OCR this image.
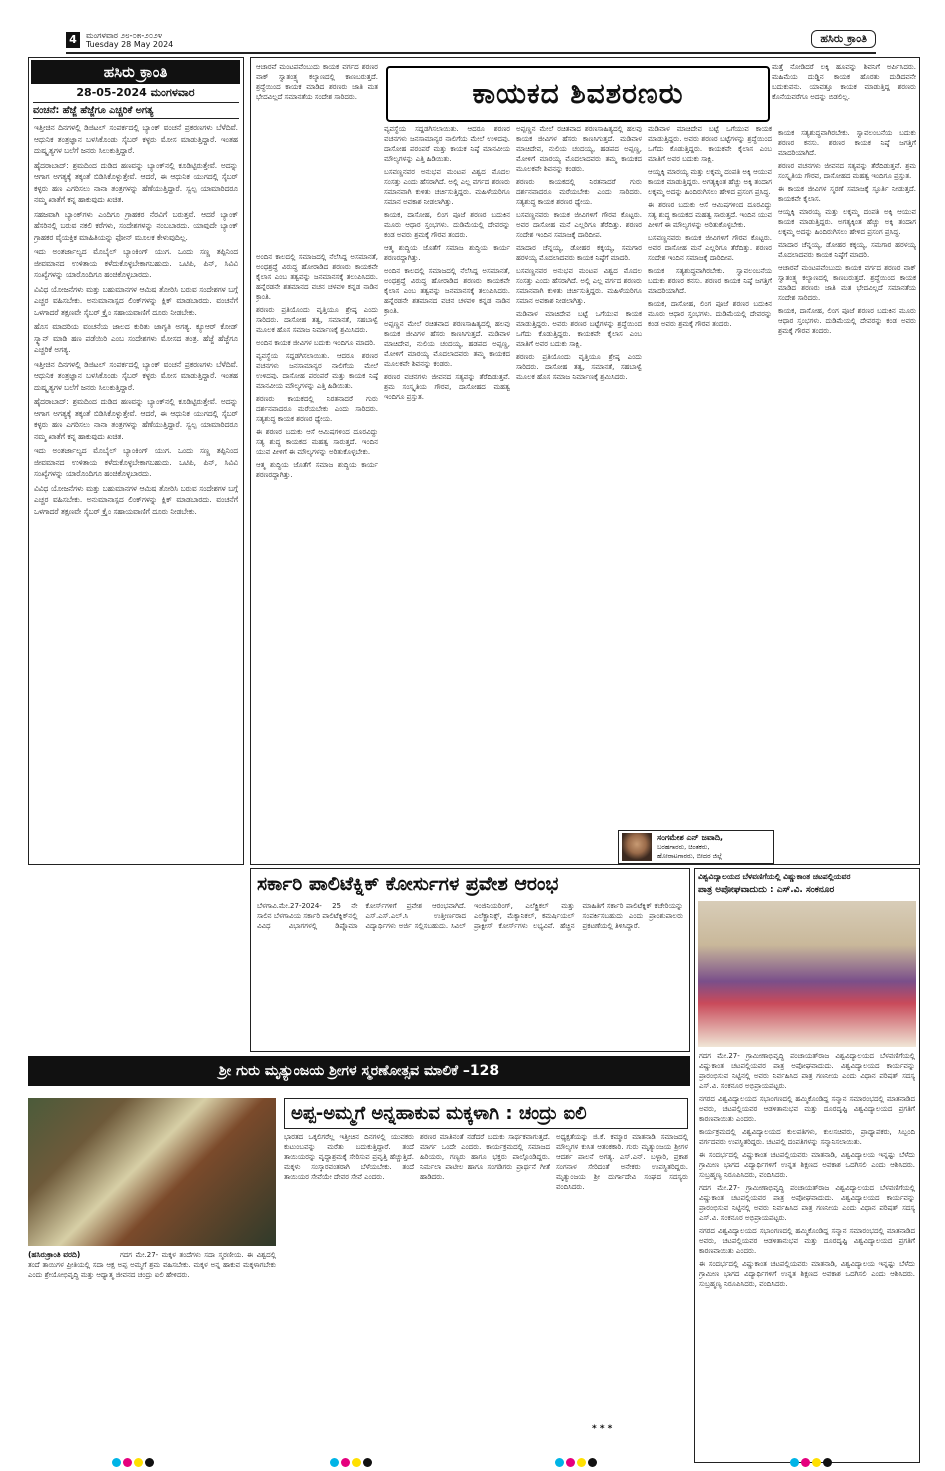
4	ಮಂಗಳವಾರ ೨೮-೦೫-೨೦೨೪
Tuesday 28 May 2024	ಹಸಿರು ಕ್ರಾಂತಿ
ಹಸಿರು ಕ್ರಾಂತಿ
28-05-2024 ಮಂಗಳವಾರ
ವಂಚನೆ: ಹೆಜ್ಜೆ ಹೆಜ್ಜೆಗೂ ಎಚ್ಚರಿಕೆ ಅಗತ್ಯ

ಇತ್ತೀಚಿನ ದಿನಗಳಲ್ಲಿ ಡಿಜಿಟಲ್ ಸಂಪರ್ಕದಲ್ಲಿ ಬ್ಯಾಂಕ್ ವಂಚನೆ ಪ್ರಕರಣಗಳು ಬೆಳೆದಿವೆ. ಆಧುನಿಕ ತಂತ್ರಜ್ಞಾನ ಬಳಸಿಕೊಂಡು ಸೈಬರ್ ಕಳ್ಳರು ಮೋಸ ಮಾಡುತ್ತಿದ್ದಾರೆ. ಇಂತಹ ದುಷ್ಕೃತ್ಯಗಳ ಬಲೆಗೆ ಜನರು ಸಿಲುಕುತ್ತಿದ್ದಾರೆ.

ಹೈದರಾಬಾದ್: ಶ್ರಮದಿಂದ ದುಡಿದ ಹಣವನ್ನು ಬ್ಯಾಂಕ್‌ನಲ್ಲಿ ಕೂಡಿಟ್ಟಿರುತ್ತೇವೆ. ಅದನ್ನು ಆಗಾಗ ಅಗತ್ಯಕ್ಕೆ ತಕ್ಕಂತೆ ಬಿಡಿಸಿಕೊಳ್ಳುತ್ತೇವೆ. ಆದರೆ, ಈ ಆಧುನಿಕ ಯುಗದಲ್ಲಿ ಸೈಬರ್ ಕಳ್ಳರು ಹಣ ಎಗರಿಸಲು ನಾನಾ ತಂತ್ರಗಳನ್ನು ಹೆಣೆಯುತ್ತಿದ್ದಾರೆ. ಸ್ವಲ್ಪ ಯಾಮಾರಿದರೂ ನಮ್ಮ ಖಾತೆಗೆ ಕನ್ನ ಹಾಕುವುದು ಖಚಿತ.

ಸಹಜವಾಗಿ ಬ್ಯಾಂಕ್‌ಗಳು ಎಂದಿಗೂ ಗ್ರಾಹಕರ ನೆರವಿಗೆ ಬರುತ್ತವೆ. ಆದರೆ ಬ್ಯಾಂಕ್ ಹೆಸರಿನಲ್ಲಿ ಬರುವ ನಕಲಿ ಕರೆಗಳು, ಸಂದೇಶಗಳನ್ನು ನಂಬಬಾರದು. ಯಾವುದೇ ಬ್ಯಾಂಕ್ ಗ್ರಾಹಕರ ವೈಯಕ್ತಿಕ ಮಾಹಿತಿಯನ್ನು ಫೋನ್ ಮೂಲಕ ಕೇಳುವುದಿಲ್ಲ.

ಇದು ಅಂತರ್ಜಾಲ್ಯದ ಮೊಬೈಲ್ ಬ್ಯಾಂಕಿಂಗ್ ಯುಗ. ಒಂದು ಸಣ್ಣ ತಪ್ಪಿನಿಂದ ಜೀವಮಾನದ ಉಳಿತಾಯ ಕಳೆದುಕೊಳ್ಳಬೇಕಾಗಬಹುದು. ಒಟಿಪಿ, ಪಿನ್, ಸಿವಿವಿ ಸಂಖ್ಯೆಗಳನ್ನು ಯಾರೊಂದಿಗೂ ಹಂಚಿಕೊಳ್ಳಬಾರದು.

ವಿವಿಧ ಯೋಜನೆಗಳು ಮತ್ತು ಬಹುಮಾನಗಳ ಆಮಿಷ ತೋರಿಸಿ ಬರುವ ಸಂದೇಶಗಳ ಬಗ್ಗೆ ಎಚ್ಚರ ವಹಿಸಬೇಕು. ಅನುಮಾನಾಸ್ಪದ ಲಿಂಕ್‌ಗಳನ್ನು ಕ್ಲಿಕ್ ಮಾಡಬಾರದು. ವಂಚನೆಗೆ ಒಳಗಾದರೆ ತಕ್ಷಣವೇ ಸೈಬರ್ ಕ್ರೈಂ ಸಹಾಯವಾಣಿಗೆ ದೂರು ನೀಡಬೇಕು.

ಹೊಸ ಮಾದರಿಯ ವಂಚನೆಯ ಜಾಲದ ಕುರಿತು ಜಾಗೃತಿ ಅಗತ್ಯ. ಕ್ಯೂಆರ್ ಕೋಡ್ ಸ್ಕ್ಯಾನ್ ಮಾಡಿ ಹಣ ಪಡೆಯಿರಿ ಎಂಬ ಸಂದೇಶಗಳು ಮೋಸದ ತಂತ್ರ. ಹೆಜ್ಜೆ ಹೆಜ್ಜೆಗೂ ಎಚ್ಚರಿಕೆ ಅಗತ್ಯ.

ಇತ್ತೀಚಿನ ದಿನಗಳಲ್ಲಿ ಡಿಜಿಟಲ್ ಸಂಪರ್ಕದಲ್ಲಿ ಬ್ಯಾಂಕ್ ವಂಚನೆ ಪ್ರಕರಣಗಳು ಬೆಳೆದಿವೆ. ಆಧುನಿಕ ತಂತ್ರಜ್ಞಾನ ಬಳಸಿಕೊಂಡು ಸೈಬರ್ ಕಳ್ಳರು ಮೋಸ ಮಾಡುತ್ತಿದ್ದಾರೆ. ಇಂತಹ ದುಷ್ಕೃತ್ಯಗಳ ಬಲೆಗೆ ಜನರು ಸಿಲುಕುತ್ತಿದ್ದಾರೆ.

ಹೈದರಾಬಾದ್: ಶ್ರಮದಿಂದ ದುಡಿದ ಹಣವನ್ನು ಬ್ಯಾಂಕ್‌ನಲ್ಲಿ ಕೂಡಿಟ್ಟಿರುತ್ತೇವೆ. ಅದನ್ನು ಆಗಾಗ ಅಗತ್ಯಕ್ಕೆ ತಕ್ಕಂತೆ ಬಿಡಿಸಿಕೊಳ್ಳುತ್ತೇವೆ. ಆದರೆ, ಈ ಆಧುನಿಕ ಯುಗದಲ್ಲಿ ಸೈಬರ್ ಕಳ್ಳರು ಹಣ ಎಗರಿಸಲು ನಾನಾ ತಂತ್ರಗಳನ್ನು ಹೆಣೆಯುತ್ತಿದ್ದಾರೆ. ಸ್ವಲ್ಪ ಯಾಮಾರಿದರೂ ನಮ್ಮ ಖಾತೆಗೆ ಕನ್ನ ಹಾಕುವುದು ಖಚಿತ.

ಇದು ಅಂತರ್ಜಾಲ್ಯದ ಮೊಬೈಲ್ ಬ್ಯಾಂಕಿಂಗ್ ಯುಗ. ಒಂದು ಸಣ್ಣ ತಪ್ಪಿನಿಂದ ಜೀವಮಾನದ ಉಳಿತಾಯ ಕಳೆದುಕೊಳ್ಳಬೇಕಾಗಬಹುದು. ಒಟಿಪಿ, ಪಿನ್, ಸಿವಿವಿ ಸಂಖ್ಯೆಗಳನ್ನು ಯಾರೊಂದಿಗೂ ಹಂಚಿಕೊಳ್ಳಬಾರದು.

ವಿವಿಧ ಯೋಜನೆಗಳು ಮತ್ತು ಬಹುಮಾನಗಳ ಆಮಿಷ ತೋರಿಸಿ ಬರುವ ಸಂದೇಶಗಳ ಬಗ್ಗೆ ಎಚ್ಚರ ವಹಿಸಬೇಕು. ಅನುಮಾನಾಸ್ಪದ ಲಿಂಕ್‌ಗಳನ್ನು ಕ್ಲಿಕ್ ಮಾಡಬಾರದು. ವಂಚನೆಗೆ ಒಳಗಾದರೆ ತಕ್ಷಣವೇ ಸೈಬರ್ ಕ್ರೈಂ ಸಹಾಯವಾಣಿಗೆ ದೂರು ನೀಡಬೇಕು.

ಆಚಾರವೆ ಮಂಟಪವೆಂಬುದು ಕಾಯಕ ವರ್ಗದ ಶರಣರ ವಾಕ್ ಸ್ವಾತಂತ್ರ್ಯ ಕಲ್ಯಾಣದಲ್ಲಿ ಕಾಣಬರುತ್ತದೆ. ಶ್ರದ್ಧೆಯಿಂದ ಕಾಯಕ ಮಾಡಿದ ಶರಣರು ಜಾತಿ ಮತ ಭೇದವಿಲ್ಲದೆ ಸಮಾನತೆಯ ಸಂದೇಶ ಸಾರಿದರು.	ಕಾಯಕದ ಶಿವಶರಣರು

ಮತ್ತೆ ನೋಡಿದರೆ ಲಕ್ಕಿ ಹೂವನ್ನು ಶಿವನಿಗೆ ಅರ್ಪಿಸಿದರು. ಮಹಿಮೆಯ ದುಡ್ಡಿನ ಕಾಯಕ ಹೊರತು ದುಡಿದವನೇ ಬದುಕುವನು. ಯಾವತ್ತೂ ಕಾಯಕ ಮಾಡುತ್ತಿದ್ದ ಶರಣರು ಕೊನೆಯವರೆಗೂ ಅದನ್ನು ಬಿಡಲಿಲ್ಲ.

ಅಂದಿನ ಕಾಲದಲ್ಲಿ ಸಮಾಜದಲ್ಲಿ ನೆಲೆಸಿದ್ದ ಅಸಮಾನತೆ, ಅಂಧಶ್ರದ್ಧೆ ವಿರುದ್ಧ ಹೋರಾಡಿದ ಶರಣರು ಕಾಯಕವೇ ಕೈಲಾಸ ಎಂಬ ತತ್ವವನ್ನು ಜನಮಾನಸಕ್ಕೆ ತಲುಪಿಸಿದರು. ಹನ್ನೆರಡನೇ ಶತಮಾನದ ವಚನ ಚಳವಳಿ ಕನ್ನಡ ನಾಡಿನ ಕ್ರಾಂತಿ.

ಶರಣರು ಪ್ರತಿಯೊಂದು ವೃತ್ತಿಯೂ ಶ್ರೇಷ್ಠ ಎಂದು ಸಾರಿದರು. ದಾಸೋಹ ತತ್ವ, ಸಮಾನತೆ, ಸಹಬಾಳ್ವೆ ಮೂಲಕ ಹೊಸ ಸಮಾಜ ನಿರ್ಮಾಣಕ್ಕೆ ಶ್ರಮಿಸಿದರು.

ಅಂದಿನ ಕಾಯಕ ಜೀವಿಗಳ ಬದುಕು ಇಂದಿಗೂ ಮಾದರಿ.

ವ್ಯವಸ್ಥೆಯ ಸದ್ದಡಗಿಸಲಾಯಿತು. ಆದರೂ ಶರಣರ ವಚನಗಳು ಜನಸಾಮಾನ್ಯರ ನಾಲಿಗೆಯ ಮೇಲೆ ಉಳಿದವು. ದಾಸೋಹ ಪರಂಪರೆ ಮತ್ತು ಕಾಯಕ ನಿಷ್ಠೆ ಮಾನವೀಯ ಮೌಲ್ಯಗಳನ್ನು ಎತ್ತಿ ಹಿಡಿಯಿತು.

ಶರಣರು ಕಾಯಕದಲ್ಲಿ ನಿರತನಾದರೆ ಗುರು ದರ್ಶನವಾದರೂ ಮರೆಯಬೇಕು ಎಂದು ಸಾರಿದರು. ಸತ್ಯಶುದ್ಧ ಕಾಯಕ ಶರಣರ ಧ್ಯೇಯ.

ಈ ಶರಣರ ಬದುಕು ಆಸೆ ಆಮಿಷಗಳಿಂದ ದೂರವಿದ್ದು ಸತ್ಯ ಶುದ್ಧ ಕಾಯಕದ ಮಹತ್ವ ಸಾರುತ್ತದೆ. ಇಂದಿನ ಯುವ ಪೀಳಿಗೆ ಈ ಮೌಲ್ಯಗಳನ್ನು ಅರಿತುಕೊಳ್ಳಬೇಕು.

ಆತ್ಮ ಶುದ್ಧಿಯ ಜೊತೆಗೆ ಸಮಾಜ ಶುದ್ಧಿಯ ಕಾರ್ಯ ಶರಣರದ್ದಾಗಿತ್ತು.

ವ್ಯವಸ್ಥೆಯ ಸದ್ದಡಗಿಸಲಾಯಿತು. ಆದರೂ ಶರಣರ ವಚನಗಳು ಜನಸಾಮಾನ್ಯರ ನಾಲಿಗೆಯ ಮೇಲೆ ಉಳಿದವು. ದಾಸೋಹ ಪರಂಪರೆ ಮತ್ತು ಕಾಯಕ ನಿಷ್ಠೆ ಮಾನವೀಯ ಮೌಲ್ಯಗಳನ್ನು ಎತ್ತಿ ಹಿಡಿಯಿತು.

ಬಸವಣ್ಣನವರ ಅನುಭವ ಮಂಟಪ ವಿಶ್ವದ ಮೊದಲ ಸಂಸತ್ತು ಎಂದು ಹೆಸರಾಗಿದೆ. ಅಲ್ಲಿ ಎಲ್ಲ ವರ್ಗದ ಶರಣರು ಸಮಾನವಾಗಿ ಕುಳಿತು ಚರ್ಚಿಸುತ್ತಿದ್ದರು. ಮಹಿಳೆಯರಿಗೂ ಸಮಾನ ಅವಕಾಶ ನೀಡಲಾಗಿತ್ತು.

ಕಾಯಕ, ದಾಸೋಹ, ಲಿಂಗ ಪೂಜೆ ಶರಣರ ಬದುಕಿನ ಮೂರು ಆಧಾರ ಸ್ತಂಭಗಳು. ದುಡಿಮೆಯಲ್ಲಿ ದೇವರನ್ನು ಕಂಡ ಅವರು ಶ್ರಮಕ್ಕೆ ಗೌರವ ತಂದರು.

ಆತ್ಮ ಶುದ್ಧಿಯ ಜೊತೆಗೆ ಸಮಾಜ ಶುದ್ಧಿಯ ಕಾರ್ಯ ಶರಣರದ್ದಾಗಿತ್ತು.

ಅಂದಿನ ಕಾಲದಲ್ಲಿ ಸಮಾಜದಲ್ಲಿ ನೆಲೆಸಿದ್ದ ಅಸಮಾನತೆ, ಅಂಧಶ್ರದ್ಧೆ ವಿರುದ್ಧ ಹೋರಾಡಿದ ಶರಣರು ಕಾಯಕವೇ ಕೈಲಾಸ ಎಂಬ ತತ್ವವನ್ನು ಜನಮಾನಸಕ್ಕೆ ತಲುಪಿಸಿದರು. ಹನ್ನೆರಡನೇ ಶತಮಾನದ ವಚನ ಚಳವಳಿ ಕನ್ನಡ ನಾಡಿನ ಕ್ರಾಂತಿ.

ಅಪ್ಪಣ್ಣನ ಮೇಲೆ ರಚಿತವಾದ ಶರಣಸಾಹಿತ್ಯದಲ್ಲಿ ಹಲವು ಕಾಯಕ ಜೀವಿಗಳ ಹೆಸರು ಕಾಣಸಿಗುತ್ತದೆ. ಮಡಿವಾಳ ಮಾಚಿದೇವ, ನುಲಿಯ ಚಂದಯ್ಯ, ಹಡಪದ ಅಪ್ಪಣ್ಣ, ಮೋಳಿಗೆ ಮಾರಯ್ಯ ಮೊದಲಾದವರು ತಮ್ಮ ಕಾಯಕದ ಮೂಲಕವೇ ಶಿವನನ್ನು ಕಂಡರು.

ಶರಣರ ವಚನಗಳು ಜೀವನದ ಸತ್ಯವನ್ನು ತೆರೆದಿಡುತ್ತವೆ. ಶ್ರಮ ಸಂಸ್ಕೃತಿಯ ಗೌರವ, ದಾಸೋಹದ ಮಹತ್ವ ಇಂದಿಗೂ ಪ್ರಸ್ತುತ.

ಅಪ್ಪಣ್ಣನ ಮೇಲೆ ರಚಿತವಾದ ಶರಣಸಾಹಿತ್ಯದಲ್ಲಿ ಹಲವು ಕಾಯಕ ಜೀವಿಗಳ ಹೆಸರು ಕಾಣಸಿಗುತ್ತದೆ. ಮಡಿವಾಳ ಮಾಚಿದೇವ, ನುಲಿಯ ಚಂದಯ್ಯ, ಹಡಪದ ಅಪ್ಪಣ್ಣ, ಮೋಳಿಗೆ ಮಾರಯ್ಯ ಮೊದಲಾದವರು ತಮ್ಮ ಕಾಯಕದ ಮೂಲಕವೇ ಶಿವನನ್ನು ಕಂಡರು.

ಶರಣರು ಕಾಯಕದಲ್ಲಿ ನಿರತನಾದರೆ ಗುರು ದರ್ಶನವಾದರೂ ಮರೆಯಬೇಕು ಎಂದು ಸಾರಿದರು. ಸತ್ಯಶುದ್ಧ ಕಾಯಕ ಶರಣರ ಧ್ಯೇಯ.

ಬಸವಣ್ಣನವರು ಕಾಯಕ ಜೀವಿಗಳಿಗೆ ಗೌರವ ಕೊಟ್ಟರು. ಅವರ ದಾಸೋಹ ಮನೆ ಎಲ್ಲರಿಗೂ ತೆರೆದಿತ್ತು. ಶರಣರ ಸಂದೇಶ ಇಂದಿನ ಸಮಾಜಕ್ಕೆ ದಾರಿದೀಪ.

ಮಾದಾರ ಚೆನ್ನಯ್ಯ, ಡೋಹರ ಕಕ್ಕಯ್ಯ, ಸಮಗಾರ ಹರಳಯ್ಯ ಮೊದಲಾದವರು ಕಾಯಕ ನಿಷ್ಠೆಗೆ ಮಾದರಿ.

ಬಸವಣ್ಣನವರ ಅನುಭವ ಮಂಟಪ ವಿಶ್ವದ ಮೊದಲ ಸಂಸತ್ತು ಎಂದು ಹೆಸರಾಗಿದೆ. ಅಲ್ಲಿ ಎಲ್ಲ ವರ್ಗದ ಶರಣರು ಸಮಾನವಾಗಿ ಕುಳಿತು ಚರ್ಚಿಸುತ್ತಿದ್ದರು. ಮಹಿಳೆಯರಿಗೂ ಸಮಾನ ಅವಕಾಶ ನೀಡಲಾಗಿತ್ತು.

ಮಡಿವಾಳ ಮಾಚಿದೇವ ಬಟ್ಟೆ ಒಗೆಯುವ ಕಾಯಕ ಮಾಡುತ್ತಿದ್ದರು. ಅವರು ಶರಣರ ಬಟ್ಟೆಗಳನ್ನು ಶ್ರದ್ಧೆಯಿಂದ ಒಗೆದು ಕೊಡುತ್ತಿದ್ದರು. ಕಾಯಕವೇ ಕೈಲಾಸ ಎಂಬ ಮಾತಿಗೆ ಅವರ ಬದುಕು ಸಾಕ್ಷಿ.

ಶರಣರು ಪ್ರತಿಯೊಂದು ವೃತ್ತಿಯೂ ಶ್ರೇಷ್ಠ ಎಂದು ಸಾರಿದರು. ದಾಸೋಹ ತತ್ವ, ಸಮಾನತೆ, ಸಹಬಾಳ್ವೆ ಮೂಲಕ ಹೊಸ ಸಮಾಜ ನಿರ್ಮಾಣಕ್ಕೆ ಶ್ರಮಿಸಿದರು.

ಮಡಿವಾಳ ಮಾಚಿದೇವ ಬಟ್ಟೆ ಒಗೆಯುವ ಕಾಯಕ ಮಾಡುತ್ತಿದ್ದರು. ಅವರು ಶರಣರ ಬಟ್ಟೆಗಳನ್ನು ಶ್ರದ್ಧೆಯಿಂದ ಒಗೆದು ಕೊಡುತ್ತಿದ್ದರು. ಕಾಯಕವೇ ಕೈಲಾಸ ಎಂಬ ಮಾತಿಗೆ ಅವರ ಬದುಕು ಸಾಕ್ಷಿ.

ಆಯ್ದಕ್ಕಿ ಮಾರಯ್ಯ ಮತ್ತು ಲಕ್ಕಮ್ಮ ದಂಪತಿ ಅಕ್ಕಿ ಆಯುವ ಕಾಯಕ ಮಾಡುತ್ತಿದ್ದರು. ಅಗತ್ಯಕ್ಕಿಂತ ಹೆಚ್ಚು ಅಕ್ಕಿ ತಂದಾಗ ಲಕ್ಕಮ್ಮ ಅದನ್ನು ಹಿಂದಿರುಗಿಸಲು ಹೇಳಿದ ಪ್ರಸಂಗ ಪ್ರಸಿದ್ಧ.

ಈ ಶರಣರ ಬದುಕು ಆಸೆ ಆಮಿಷಗಳಿಂದ ದೂರವಿದ್ದು ಸತ್ಯ ಶುದ್ಧ ಕಾಯಕದ ಮಹತ್ವ ಸಾರುತ್ತದೆ. ಇಂದಿನ ಯುವ ಪೀಳಿಗೆ ಈ ಮೌಲ್ಯಗಳನ್ನು ಅರಿತುಕೊಳ್ಳಬೇಕು.

ಬಸವಣ್ಣನವರು ಕಾಯಕ ಜೀವಿಗಳಿಗೆ ಗೌರವ ಕೊಟ್ಟರು. ಅವರ ದಾಸೋಹ ಮನೆ ಎಲ್ಲರಿಗೂ ತೆರೆದಿತ್ತು. ಶರಣರ ಸಂದೇಶ ಇಂದಿನ ಸಮಾಜಕ್ಕೆ ದಾರಿದೀಪ.

ಕಾಯಕ ಸತ್ಯಶುದ್ಧವಾಗಿರಬೇಕು. ಸ್ವಾವಲಂಬನೆಯ ಬದುಕು ಶರಣರ ಕನಸು. ಶರಣರ ಕಾಯಕ ನಿಷ್ಠೆ ಜಗತ್ತಿಗೆ ಮಾದರಿಯಾಗಿದೆ.

ಕಾಯಕ, ದಾಸೋಹ, ಲಿಂಗ ಪೂಜೆ ಶರಣರ ಬದುಕಿನ ಮೂರು ಆಧಾರ ಸ್ತಂಭಗಳು. ದುಡಿಮೆಯಲ್ಲಿ ದೇವರನ್ನು ಕಂಡ ಅವರು ಶ್ರಮಕ್ಕೆ ಗೌರವ ತಂದರು.

ಕಾಯಕ ಸತ್ಯಶುದ್ಧವಾಗಿರಬೇಕು. ಸ್ವಾವಲಂಬನೆಯ ಬದುಕು ಶರಣರ ಕನಸು. ಶರಣರ ಕಾಯಕ ನಿಷ್ಠೆ ಜಗತ್ತಿಗೆ ಮಾದರಿಯಾಗಿದೆ.

ಶರಣರ ವಚನಗಳು ಜೀವನದ ಸತ್ಯವನ್ನು ತೆರೆದಿಡುತ್ತವೆ. ಶ್ರಮ ಸಂಸ್ಕೃತಿಯ ಗೌರವ, ದಾಸೋಹದ ಮಹತ್ವ ಇಂದಿಗೂ ಪ್ರಸ್ತುತ.

ಈ ಕಾಯಕ ಜೀವಿಗಳ ಸ್ಮರಣೆ ಸಮಾಜಕ್ಕೆ ಸ್ಫೂರ್ತಿ ನೀಡುತ್ತದೆ. ಕಾಯಕವೇ ಕೈಲಾಸ.

ಆಯ್ದಕ್ಕಿ ಮಾರಯ್ಯ ಮತ್ತು ಲಕ್ಕಮ್ಮ ದಂಪತಿ ಅಕ್ಕಿ ಆಯುವ ಕಾಯಕ ಮಾಡುತ್ತಿದ್ದರು. ಅಗತ್ಯಕ್ಕಿಂತ ಹೆಚ್ಚು ಅಕ್ಕಿ ತಂದಾಗ ಲಕ್ಕಮ್ಮ ಅದನ್ನು ಹಿಂದಿರುಗಿಸಲು ಹೇಳಿದ ಪ್ರಸಂಗ ಪ್ರಸಿದ್ಧ.

ಮಾದಾರ ಚೆನ್ನಯ್ಯ, ಡೋಹರ ಕಕ್ಕಯ್ಯ, ಸಮಗಾರ ಹರಳಯ್ಯ ಮೊದಲಾದವರು ಕಾಯಕ ನಿಷ್ಠೆಗೆ ಮಾದರಿ.

ಆಚಾರವೆ ಮಂಟಪವೆಂಬುದು ಕಾಯಕ ವರ್ಗದ ಶರಣರ ವಾಕ್ ಸ್ವಾತಂತ್ರ್ಯ ಕಲ್ಯಾಣದಲ್ಲಿ ಕಾಣಬರುತ್ತದೆ. ಶ್ರದ್ಧೆಯಿಂದ ಕಾಯಕ ಮಾಡಿದ ಶರಣರು ಜಾತಿ ಮತ ಭೇದವಿಲ್ಲದೆ ಸಮಾನತೆಯ ಸಂದೇಶ ಸಾರಿದರು.

ಕಾಯಕ, ದಾಸೋಹ, ಲಿಂಗ ಪೂಜೆ ಶರಣರ ಬದುಕಿನ ಮೂರು ಆಧಾರ ಸ್ತಂಭಗಳು. ದುಡಿಮೆಯಲ್ಲಿ ದೇವರನ್ನು ಕಂಡ ಅವರು ಶ್ರಮಕ್ಕೆ ಗೌರವ ತಂದರು.

ಸಂಗಮೇಶ ಎನ್ ಜವಾದಿ,
ಬರಹಗಾರರು, ಚಿಂತಕರು,
ಹೋರಾಟಗಾರರು, ಬೀದರ ಜಿಲ್ಲೆ
ಸರ್ಕಾರಿ ಪಾಲಿಟೆಕ್ನಿಕ್ ಕೋರ್ಸುಗಳ ಪ್ರವೇಶ ಆರಂಭ
ಬೆಳಗಾವಿ.ಮೇ.27-2024- 25 ನೇ ಸಾಲಿನ ಬೆಳಗಾವಿಯ ಸರ್ಕಾರಿ ಪಾಲಿಟೆಕ್ನಿಕ್‌ನಲ್ಲಿ ವಿವಿಧ ವಿಭಾಗಗಳಲ್ಲಿ ಡಿಪ್ಲೊಮಾ ಕೋರ್ಸ್‌ಗಳಿಗೆ ಪ್ರವೇಶ ಆರಂಭವಾಗಿದೆ. ಎಸ್.ಎಸ್.ಎಲ್.ಸಿ ಉತ್ತೀರ್ಣರಾದ ವಿದ್ಯಾರ್ಥಿಗಳು ಅರ್ಜಿ ಸಲ್ಲಿಸಬಹುದು. ಸಿವಿಲ್ ಇಂಜಿನಿಯರಿಂಗ್, ಎಲೆಕ್ಟ್ರಿಕಲ್ ಮತ್ತು ಎಲೆಕ್ಟ್ರಾನಿಕ್ಸ್, ಮೆಕ್ಯಾನಿಕಲ್, ಕಮರ್ಷಿಯಲ್ ಪ್ರಾಕ್ಟೀಸ್ ಕೋರ್ಸ್‌ಗಳು ಲಭ್ಯವಿವೆ. ಹೆಚ್ಚಿನ ಮಾಹಿತಿಗೆ ಸರ್ಕಾರಿ ಪಾಲಿಟೆಕ್ನಿಕ್ ಕಚೇರಿಯನ್ನು ಸಂಪರ್ಕಿಸಬಹುದು ಎಂದು ಪ್ರಾಂಶುಪಾಲರು ಪ್ರಕಟಣೆಯಲ್ಲಿ ತಿಳಿಸಿದ್ದಾರೆ.
ವಿಶ್ವವಿದ್ಯಾಲಯದ ಬೆಳವಣಿಗೆಯಲ್ಲಿ ವಿಷ್ಣುಕಾಂತ ಚಟಪಲ್ಲಿಯವರ
ಪಾತ್ರ ಅಪೋಘವಾದುದು : ಎಸ್.ವಿ. ಸಂಕನೂರ

ಗದಗ ಮೇ.27- ಗ್ರಾಮೀಣಾಭಿವೃದ್ಧಿ ಪಂಚಾಯತ್‌ರಾಜ ವಿಶ್ವವಿದ್ಯಾಲಯದ ಬೆಳವಣಿಗೆಯಲ್ಲಿ ವಿಷ್ಣುಕಾಂತ ಚಟಪಲ್ಲಿಯವರ ಪಾತ್ರ ಅಪೋಘವಾದುದು. ವಿಶ್ವವಿದ್ಯಾಲಯದ ಕಾರ್ಯವನ್ನು ಪ್ರಾರಂಭಿಸುವ ನಿಟ್ಟಿನಲ್ಲಿ ಅವರು ನಿರ್ವಹಿಸಿದ ಪಾತ್ರ ಗಣನೀಯ ಎಂದು ವಿಧಾನ ಪರಿಷತ್ ಸದಸ್ಯ ಎಸ್.ವಿ. ಸಂಕನೂರ ಅಭಿಪ್ರಾಯಪಟ್ಟರು.

ನಗರದ ವಿಶ್ವವಿದ್ಯಾಲಯದ ಸಭಾಂಗಣದಲ್ಲಿ ಹಮ್ಮಿಕೊಂಡಿದ್ದ ಸನ್ಮಾನ ಸಮಾರಂಭದಲ್ಲಿ ಮಾತನಾಡಿದ ಅವರು, ಚಟಪಲ್ಲಿಯವರ ಆಡಳಿತಾನುಭವ ಮತ್ತು ದೂರದೃಷ್ಟಿ ವಿಶ್ವವಿದ್ಯಾಲಯದ ಪ್ರಗತಿಗೆ ಕಾರಣವಾಯಿತು ಎಂದರು.

ಕಾರ್ಯಕ್ರಮದಲ್ಲಿ ವಿಶ್ವವಿದ್ಯಾಲಯದ ಕುಲಪತಿಗಳು, ಕುಲಸಚಿವರು, ಪ್ರಾಧ್ಯಾಪಕರು, ಸಿಬ್ಬಂದಿ ವರ್ಗದವರು ಉಪಸ್ಥಿತರಿದ್ದರು. ಚಟಪಲ್ಲಿ ದಂಪತಿಗಳನ್ನು ಸನ್ಮಾನಿಸಲಾಯಿತು.

ಈ ಸಂದರ್ಭದಲ್ಲಿ ವಿಷ್ಣುಕಾಂತ ಚಟಪಲ್ಲಿಯವರು ಮಾತನಾಡಿ, ವಿಶ್ವವಿದ್ಯಾಲಯ ಇನ್ನಷ್ಟು ಬೆಳೆದು ಗ್ರಾಮೀಣ ಭಾಗದ ವಿದ್ಯಾರ್ಥಿಗಳಿಗೆ ಉನ್ನತ ಶಿಕ್ಷಣದ ಅವಕಾಶ ಒದಗಿಸಲಿ ಎಂದು ಆಶಿಸಿದರು. ಸುಬ್ರಹ್ಮಣ್ಯ ನಿರೂಪಿಸಿದರು, ವಂದಿಸಿದರು.

ಗದಗ ಮೇ.27- ಗ್ರಾಮೀಣಾಭಿವೃದ್ಧಿ ಪಂಚಾಯತ್‌ರಾಜ ವಿಶ್ವವಿದ್ಯಾಲಯದ ಬೆಳವಣಿಗೆಯಲ್ಲಿ ವಿಷ್ಣುಕಾಂತ ಚಟಪಲ್ಲಿಯವರ ಪಾತ್ರ ಅಪೋಘವಾದುದು. ವಿಶ್ವವಿದ್ಯಾಲಯದ ಕಾರ್ಯವನ್ನು ಪ್ರಾರಂಭಿಸುವ ನಿಟ್ಟಿನಲ್ಲಿ ಅವರು ನಿರ್ವಹಿಸಿದ ಪಾತ್ರ ಗಣನೀಯ ಎಂದು ವಿಧಾನ ಪರಿಷತ್ ಸದಸ್ಯ ಎಸ್.ವಿ. ಸಂಕನೂರ ಅಭಿಪ್ರಾಯಪಟ್ಟರು.

ನಗರದ ವಿಶ್ವವಿದ್ಯಾಲಯದ ಸಭಾಂಗಣದಲ್ಲಿ ಹಮ್ಮಿಕೊಂಡಿದ್ದ ಸನ್ಮಾನ ಸಮಾರಂಭದಲ್ಲಿ ಮಾತನಾಡಿದ ಅವರು, ಚಟಪಲ್ಲಿಯವರ ಆಡಳಿತಾನುಭವ ಮತ್ತು ದೂರದೃಷ್ಟಿ ವಿಶ್ವವಿದ್ಯಾಲಯದ ಪ್ರಗತಿಗೆ ಕಾರಣವಾಯಿತು ಎಂದರು.

ಈ ಸಂದರ್ಭದಲ್ಲಿ ವಿಷ್ಣುಕಾಂತ ಚಟಪಲ್ಲಿಯವರು ಮಾತನಾಡಿ, ವಿಶ್ವವಿದ್ಯಾಲಯ ಇನ್ನಷ್ಟು ಬೆಳೆದು ಗ್ರಾಮೀಣ ಭಾಗದ ವಿದ್ಯಾರ್ಥಿಗಳಿಗೆ ಉನ್ನತ ಶಿಕ್ಷಣದ ಅವಕಾಶ ಒದಗಿಸಲಿ ಎಂದು ಆಶಿಸಿದರು. ಸುಬ್ರಹ್ಮಣ್ಯ ನಿರೂಪಿಸಿದರು, ವಂದಿಸಿದರು.

ಶ್ರೀ ಗುರು ಮೃತ್ಯುಂಜಯ ಶ್ರೀಗಳ ಸ್ಮರಣೋತ್ಸವ ಮಾಲಿಕೆ –128
ಅಪ್ಪ-ಅಮ್ಮಗೆ ಅನ್ನಹಾಕುವ ಮಕ್ಕಳಾಗಿ : ಚಂದ್ರು ಐಲಿ
(ಹಸಿರುಕ್ರಾಂತಿ ವರದಿ)	ಗದಗ ಮೇ.27- ಮಕ್ಕಳ ತಂದೆಗಳು ಸದಾ ಸ್ಮರಣೀಯ. ಈ ವಿಶ್ವದಲ್ಲಿ ತಂದೆ ತಾಯಿಗಳ ಪ್ರೀತಿಯಲ್ಲಿ ಸದಾ ಆಕ್ಷ ಅಪ್ಪ ಅಮ್ಮಗೆ ಶ್ರಮ ವಹಿಸಬೇಕು. ಮಕ್ಕಳ ಅನ್ನ ಹಾಕುವ ಮಕ್ಕಳಾಗಬೇಕು ಎಂದು ಶ್ರೇಯೋಭಿವೃದ್ಧಿ ಮತ್ತು ಆಧ್ಯಾತ್ಮ ಜೀವನದ ಚಂದ್ರು ಐಲಿ ಹೇಳಿದರು.
ಭಾರತದ ಒಕ್ಕಲಿಗರೆಲ್ಲ ಇತ್ತೀಚಿನ ದಿನಗಳಲ್ಲಿ ಯುವಕರು ಕುಟುಂಬವನ್ನು ಮರೆತು ಬದುಕುತ್ತಿದ್ದಾರೆ. ತಂದೆ ತಾಯಿಯರನ್ನು ವೃದ್ಧಾಶ್ರಮಕ್ಕೆ ಸೇರಿಸುವ ಪ್ರವೃತ್ತಿ ಹೆಚ್ಚುತ್ತಿದೆ. ಮಕ್ಕಳು ಸಂಸ್ಕಾರವಂತರಾಗಿ ಬೆಳೆಯಬೇಕು. ತಂದೆ ತಾಯಿಯರ ಸೇವೆಯೇ ದೇವರ ಸೇವೆ ಎಂದರು.
ಶರಣರ ಮಾತಿನಂತೆ ನಡೆದರೆ ಬದುಕು ಸಾರ್ಥಕವಾಗುತ್ತದೆ. ಮಾರ್ಗ ಒಂದೇ ಎಂದರು. ಕಾರ್ಯಕ್ರಮದಲ್ಲಿ ಸಮಾಜದ ಹಿರಿಯರು, ಗಣ್ಯರು ಹಾಗೂ ಭಕ್ತರು ಪಾಲ್ಗೊಂಡಿದ್ದರು. ನಿರ್ಮಲಾ ಪಾಟೀಲ ಹಾಗೂ ಸಂಗಡಿಗರು ಪ್ರಾರ್ಥನೆ ಗೀತೆ ಹಾಡಿದರು.
ಅಧ್ಯಕ್ಷತೆಯನ್ನು ಜಿ.ಕೆ. ಕಮ್ಮಾರ ಮಾತನಾಡಿ ಸಮಾಜದಲ್ಲಿ ಮೌಲ್ಯಗಳ ಕುಸಿತ ಆತಂಕಕಾರಿ. ಗುರು ಮೃತ್ಯುಂಜಯ ಶ್ರೀಗಳ ಆದರ್ಶ ಪಾಲನೆ ಅಗತ್ಯ. ಎಸ್.ಎನ್. ಬಳ್ಳಾರಿ, ಪ್ರಕಾಶ ಸಂಗನಾಳ ಸೇರಿದಂತೆ ಅನೇಕರು ಉಪಸ್ಥಿತರಿದ್ದರು. ಮೃತ್ಯುಂಜಯ ಶ್ರೀ ದುರ್ಗಾದೇವಿ ಸಂಘದ ಸದಸ್ಯರು ವಂದಿಸಿದರು.
* * *
